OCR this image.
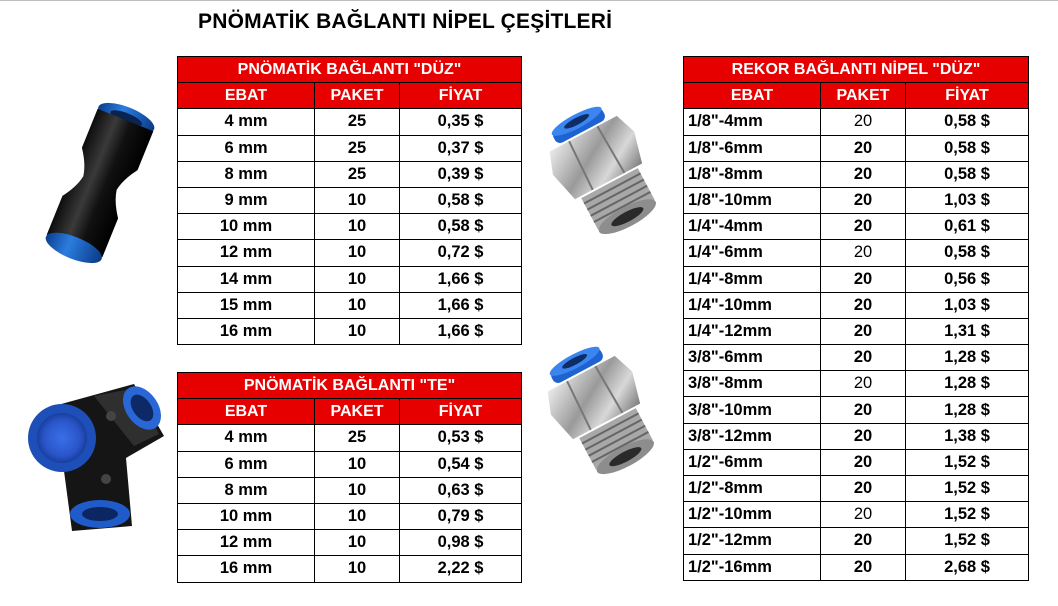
PNÖMATİK BAĞLANTI NİPEL ÇEŞİTLERİ
PNÖMATİK BAĞLANTI "DÜZ"		
EBAT	PAKET	FİYAT
4 mm	25	0,35 $
6 mm	25	0,37 $
8 mm	25	0,39 $
9 mm	10	0,58 $
10 mm	10	0,58 $
12 mm	10	0,72 $
14 mm	10	1,66 $
15 mm	10	1,66 $
16 mm	10	1,66 $
PNÖMATİK BAĞLANTI "TE"		
EBAT	PAKET	FİYAT
4 mm	25	0,53 $
6 mm	10	0,54 $
8 mm	10	0,63 $
10 mm	10	0,79 $
12 mm	10	0,98 $
16 mm	10	2,22 $
REKOR BAĞLANTI NİPEL "DÜZ"		
EBAT	PAKET	FİYAT
1/8"-4mm	20	0,58 $
1/8"-6mm	20	0,58 $
1/8"-8mm	20	0,58 $
1/8"-10mm	20	1,03 $
1/4"-4mm	20	0,61 $
1/4"-6mm	20	0,58 $
1/4"-8mm	20	0,56 $
1/4"-10mm	20	1,03 $
1/4"-12mm	20	1,31 $
3/8"-6mm	20	1,28 $
3/8"-8mm	20	1,28 $
3/8"-10mm	20	1,28 $
3/8"-12mm	20	1,38 $
1/2"-6mm	20	1,52 $
1/2"-8mm	20	1,52 $
1/2"-10mm	20	1,52 $
1/2"-12mm	20	1,52 $
1/2"-16mm	20	2,68 $
